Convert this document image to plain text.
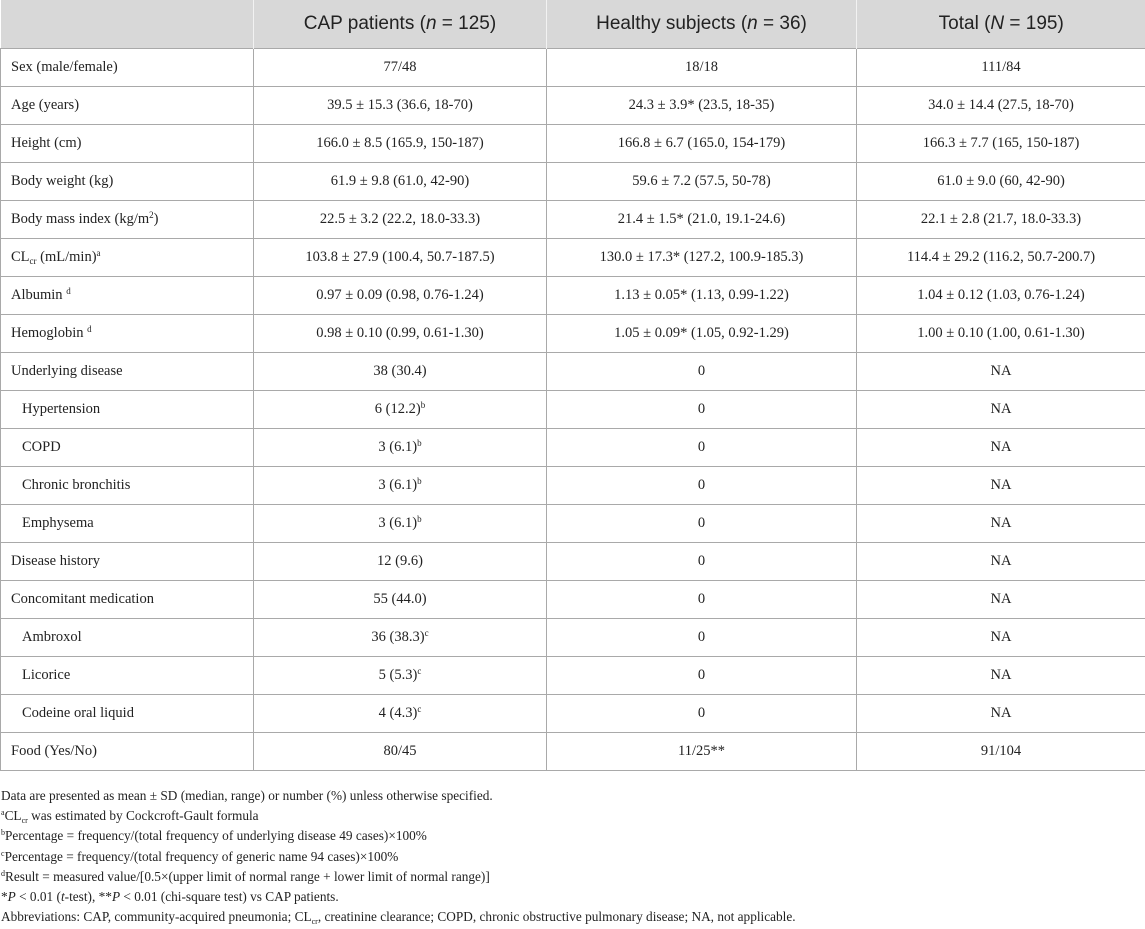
	CAP patients (n = 125)	Healthy subjects (n = 36)	Total (N = 195)
Sex (male/female)	77/48	18/18	111/84
Age (years)	39.5 ± 15.3 (36.6, 18-70)	24.3 ± 3.9* (23.5, 18-35)	34.0 ± 14.4 (27.5, 18-70)
Height (cm)	166.0 ± 8.5 (165.9, 150-187)	166.8 ± 6.7 (165.0, 154-179)	166.3 ± 7.7 (165, 150-187)
Body weight (kg)	61.9 ± 9.8 (61.0, 42-90)	59.6 ± 7.2 (57.5, 50-78)	61.0 ± 9.0 (60, 42-90)
Body mass index $(kg/m^2)$	22.5 ± 3.2 (22.2, 18.0-33.3)	21.4 ± 1.5* (21.0, 19.1-24.6)	22.1 ± 2.8 (21.7, 18.0-33.3)
$CL_{cr}$ $(mL/\min)^a$	103.8 ± 27.9 (100.4, 50.7-187.5)	130.0 ± 17.3* (127.2, 100.9-185.3)	114.4 ± 29.2 (116.2, 50.7-200.7)
Albumin $^d$	0.97 ± 0.09 (0.98, 0.76-1.24)	1.13 ± 0.05* (1.13, 0.99-1.22)	1.04 ± 0.12 (1.03, 0.76-1.24)
Hemoglobin $^d$	0.98 ± 0.10 (0.99, 0.61-1.30)	1.05 ± 0.09* (1.05, 0.92-1.29)	1.00 ± 0.10 (1.00, 0.61-1.30)
Underlying disease	38 (30.4)	0	NA
Hypertension	6 $(12.2)^b$	0	NA
COPD	3 $(6.1)^b$	0	NA
Chronic bronchitis	3 $(6.1)^b$	0	NA
Emphysema	3 $(6.1)^b$	0	NA
Disease history	12 (9.6)	0	NA
Concomitant medication	55 (44.0)	0	NA
Ambroxol	36 $(38.3)^c$	0	NA
Licorice	5 $(5.3)^c$	0	NA
Codeine oral liquid	4 $(4.3)^c$	0	NA
Food (Yes/No)	80/45	11/25**	91/104
Data are presented as mean ± SD (median, range) or number (%) unless otherwise specified.
$^aCL_{cr}$ was estimated by Cockcroft-Gault formula
$^b$Percentage = frequency/(total frequency of underlying disease 49 cases)×100%
$^c$Percentage = frequency/(total frequency of generic name 94 cases)×100%
$^d$Result = measured value/[0.5×(upper limit of normal range + lower limit of normal range)]
*P < 0.01 (t-test), **P < 0.01 (chi-square test) vs CAP patients.
Abbreviations: CAP, community-acquired pneumonia; $CL_{cr}$, creatinine clearance; COPD, chronic obstructive pulmonary disease; NA, not applicable.
